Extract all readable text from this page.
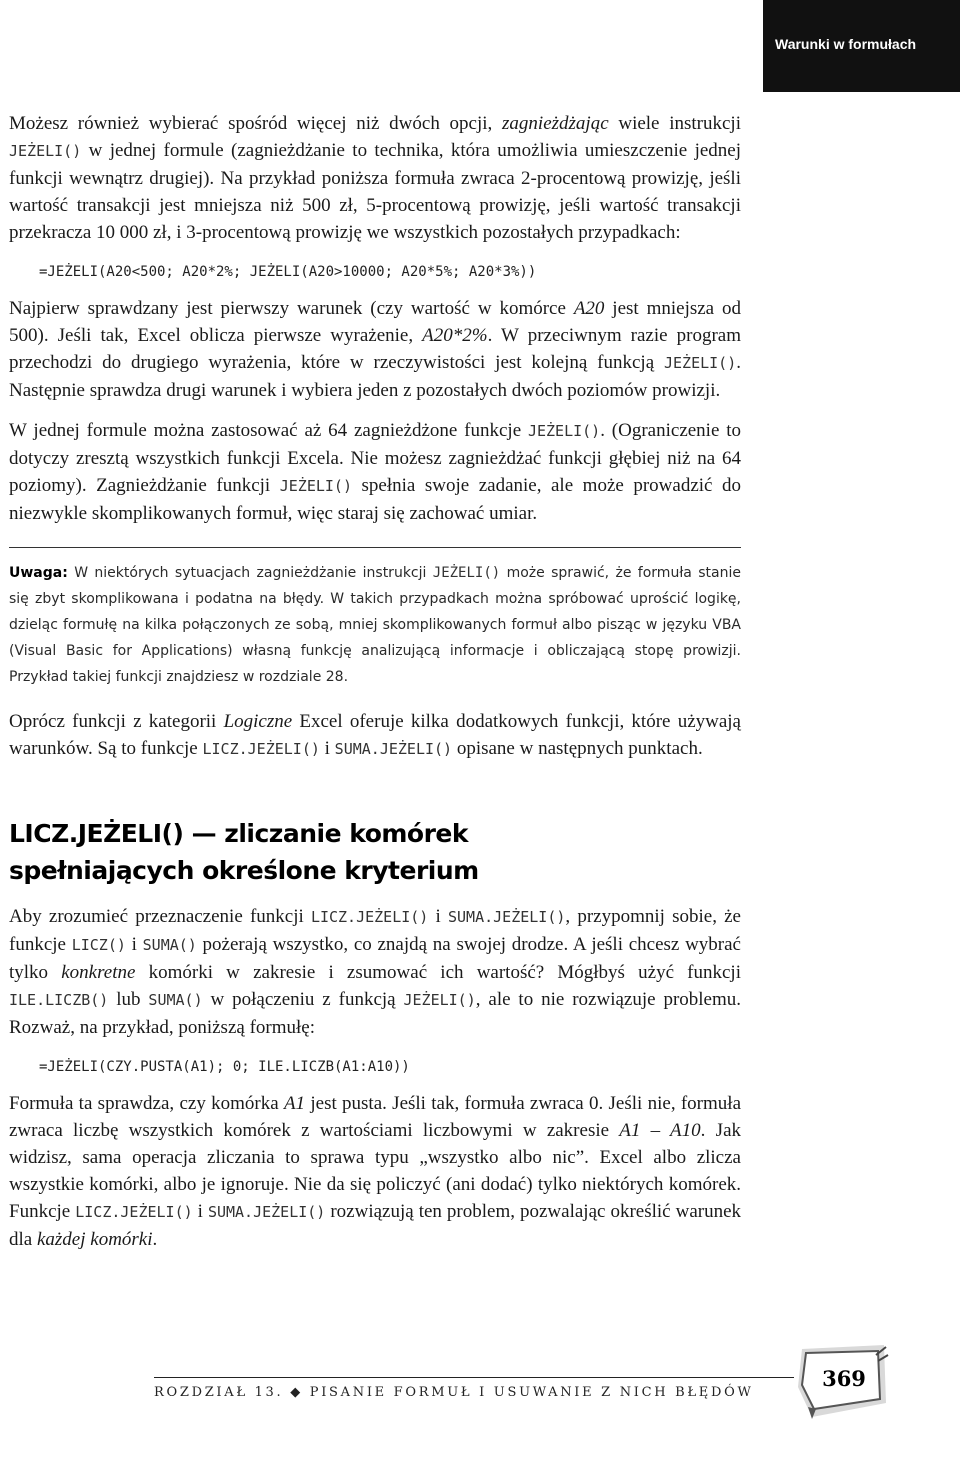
Warunki w formułach

Możesz również wybierać spośród więcej niż dwóch opcji, zagnieżdżając wiele instrukcji JEŻELI() w jednej formule (zagnieżdżanie to technika, która umożliwia umieszczenie jednej funkcji wewnątrz drugiej). Na przykład poniższa formuła zwraca 2-procentową prowizję, jeśli wartość transakcji jest mniejsza niż 500 zł, 5-procentową prowizję, jeśli wartość transakcji przekracza 10 000 zł, i 3-procentową prowizję we wszystkich pozostałych przypadkach:

=JEŻELI(A20<500; A20*2%; JEŻELI(A20>10000; A20*5%; A20*3%))

Najpierw sprawdzany jest pierwszy warunek (czy wartość w komórce A20 jest mniejsza od 500). Jeśli tak, Excel oblicza pierwsze wyrażenie, A20*2%. W przeciwnym razie program przechodzi do drugiego wyrażenia, które w rzeczywistości jest kolejną funkcją JEŻELI(). Następnie sprawdza drugi warunek i wybiera jeden z pozostałych dwóch poziomów prowizji.

W jednej formule można zastosować aż 64 zagnieżdżone funkcje JEŻELI(). (Ograniczenie to dotyczy zresztą wszystkich funkcji Excela. Nie możesz zagnieżdżać funkcji głębiej niż na 64 poziomy). Zagnieżdżanie funkcji JEŻELI() spełnia swoje zadanie, ale może prowadzić do niezwykle skomplikowanych formuł, więc staraj się zachować umiar.

Uwaga: W niektórych sytuacjach zagnieżdżanie instrukcji JEŻELI() może sprawić, że formuła stanie się zbyt skomplikowana i podatna na błędy. W takich przypadkach można spróbować uprościć logikę, dzieląc formułę na kilka połączonych ze sobą, mniej skomplikowanych formuł albo pisząc w języku VBA (Visual Basic for Applications) własną funkcję analizującą informacje i obliczającą stopę prowizji. Przykład takiej funkcji znajdziesz w rozdziale 28.

Oprócz funkcji z kategorii Logiczne Excel oferuje kilka dodatkowych funkcji, które używają warunków. Są to funkcje LICZ.JEŻELI() i SUMA.JEŻELI() opisane w następnych punktach.

LICZ.JEŻELI() — zliczanie komórek
spełniających określone kryterium

Aby zrozumieć przeznaczenie funkcji LICZ.JEŻELI() i SUMA.JEŻELI(), przypomnij sobie, że funkcje LICZ() i SUMA() pożerają wszystko, co znajdą na swojej drodze. A jeśli chcesz wybrać tylko konkretne komórki w zakresie i zsumować ich wartość? Mógłbyś użyć funkcji ILE.LICZB() lub SUMA() w połączeniu z funkcją JEŻELI(), ale to nie rozwiązuje problemu. Rozważ, na przykład, poniższą formułę:

=JEŻELI(CZY.PUSTA(A1); 0; ILE.LICZB(A1:A10))

Formuła ta sprawdza, czy komórka A1 jest pusta. Jeśli tak, formuła zwraca 0. Jeśli nie, formuła zwraca liczbę wszystkich komórek z wartościami liczbowymi w zakresie A1 – A10. Jak widzisz, sama operacja zliczania to sprawa typu „wszystko albo nic”. Excel albo zlicza wszystkie komórki, albo je ignoruje. Nie da się policzyć (ani dodać) tylko niektórych komórek. Funkcje LICZ.JEŻELI() i SUMA.JEŻELI() rozwiązują ten problem, pozwalając określić warunek dla każdej komórki.

ROZDZIAŁ 13. ◆ PISANIE FORMUŁ I USUWANIE Z NICH BŁĘDÓW
369
